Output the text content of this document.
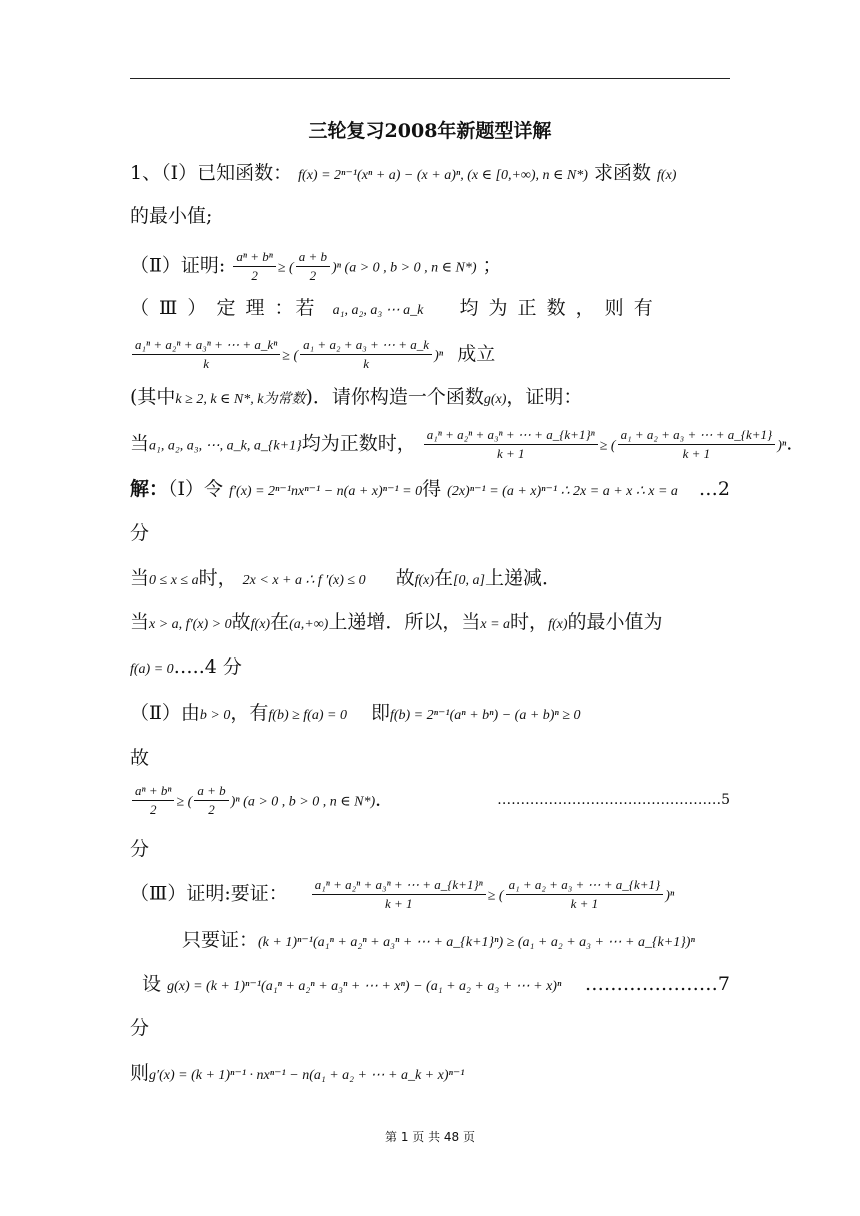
三轮复习2008年新题型详解
1、（Ⅰ）已知函数： f(x) = 2ⁿ⁻¹(xⁿ + a) − (x + a)ⁿ, (x ∈ [0,+∞), n ∈ N*) 求函数 f(x)
的最小值;
（Ⅱ）证明: $\frac{\text{aⁿ + bⁿ}}{2}$ ≥ ( $\frac{a + b}{2} )^n$ (a > 0 , b > 0 , n ∈ N*) ；
（ Ⅲ ） 定 理 ：若 a₁, a₂, a₃ ⋯ a_k 均 为 正 数 ， 则 有
$\frac{\text{a₁ⁿ + a₂ⁿ + a₃ⁿ + ⋯ + a\_kⁿ}}{k}$ ≥ ( $\frac{\text{a₁ + a₂ + a₃ + ⋯ + a\_k}}{k} )^n$ 成立
(其中k ≥ 2, k ∈ N*, k为常数)．请你构造一个函数g(x)，证明：
当a₁, a₂, a₃, ⋯, a_k, a_{k+1}均为正数时， $\frac{\text{a₁ⁿ + a₂ⁿ + a₃ⁿ + ⋯ + a\_\{k+1\}ⁿ}}{k + 1}$ ≥ ( $\frac{\text{a₁ + a₂ + a₃ + ⋯ + a\_\{k+1\}}}{k + 1} )^n$.
解：（Ⅰ）令 f′(x) = 2ⁿ⁻¹nxⁿ⁻¹ − n(a + x)ⁿ⁻¹ = 0得 (2x)ⁿ⁻¹ = (a + x)ⁿ⁻¹ ∴ 2x = a + x ∴ x = a …2
分
当0 ≤ x ≤ a时， 2x < x + a ∴ f ′(x) ≤ 0 故f(x)在[0, a]上递减．
当x > a, f′(x) > 0故f(x)在(a,+∞)上递增．所以，当x = a时，f(x)的最小值为
f(a) = 0…..4 分
（Ⅱ）由b > 0，有f(b) ≥ f(a) = 0 即f(b) = 2ⁿ⁻¹(aⁿ + bⁿ) − (a + b)ⁿ ≥ 0
故
$\frac{\text{aⁿ + bⁿ}}{2}$ ≥ ( $\frac{a + b}{2} )^n$ (a > 0 , b > 0 , n ∈ N*)．	…………………………………………5
分
（Ⅲ）证明:要证： $\frac{\text{a₁ⁿ + a₂ⁿ + a₃ⁿ + ⋯ + a\_\{k+1\}ⁿ}}{k + 1}$ ≥ ( $\frac{\text{a₁ + a₂ + a₃ + ⋯ + a\_\{k+1\}}}{k + 1} )^n$
只要证：(k + 1)ⁿ⁻¹(a₁ⁿ + a₂ⁿ + a₃ⁿ + ⋯ + a_{k+1}ⁿ) ≥ (a₁ + a₂ + a₃ + ⋯ + a_{k+1})ⁿ
设 g(x) = (k + 1)ⁿ⁻¹(a₁ⁿ + a₂ⁿ + a₃ⁿ + ⋯ + xⁿ) − (a₁ + a₂ + a₃ + ⋯ + x)ⁿ …………………7
分
则g′(x) = (k + 1)ⁿ⁻¹ · nxⁿ⁻¹ − n(a₁ + a₂ + ⋯ + a_k + x)ⁿ⁻¹
第 1 页 共 48 页
